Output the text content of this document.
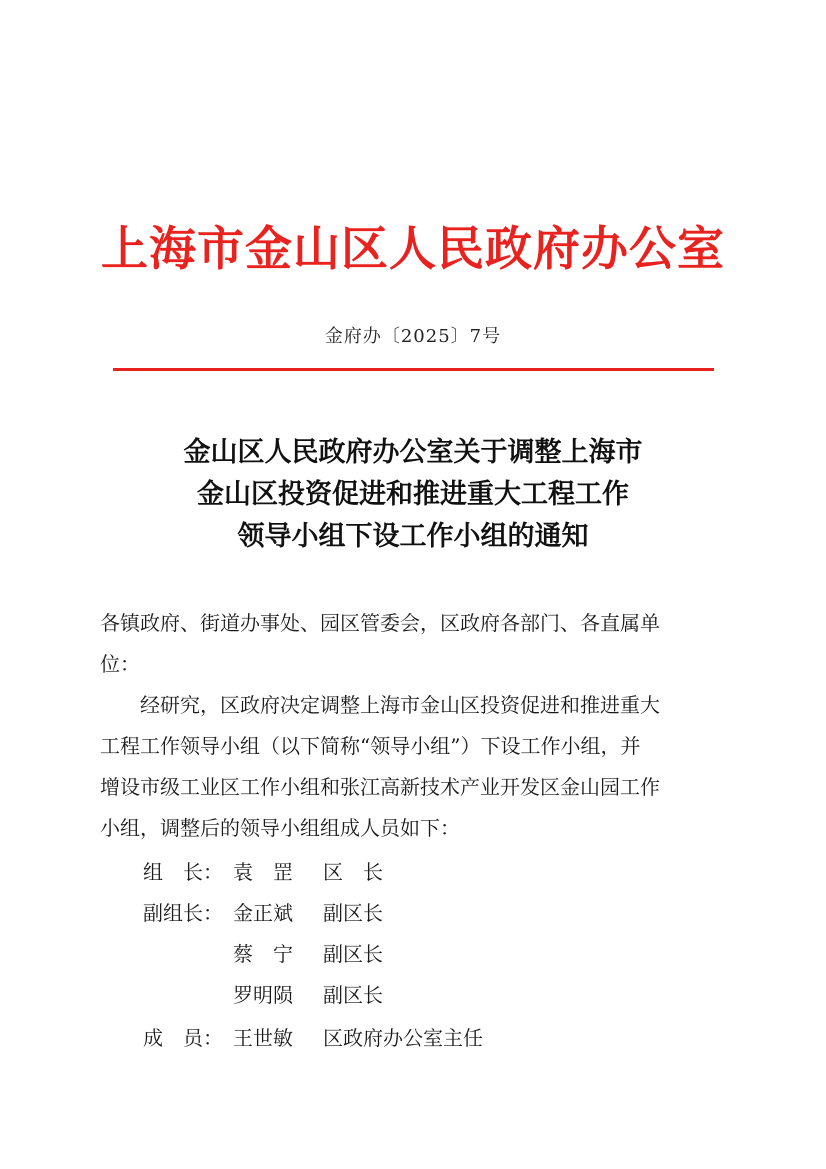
上海市金山区人民政府办公室
金府办〔2025〕7号
金山区人民政府办公室关于调整上海市
金山区投资促进和推进重大工程工作
领导小组下设工作小组的通知

各镇政府、街道办事处、园区管委会，区政府各部门、各直属单

位：

经研究，区政府决定调整上海市金山区投资促进和推进重大

工程工作领导小组（以下简称“领导小组”）下设工作小组，并

增设市级工业区工作小组和张江高新技术产业开发区金山园工作

小组，调整后的领导小组组成人员如下：

组　长： 袁　罡 区　长
副组长： 金正斌 副区长
蔡　宁 副区长
罗明陨 副区长
成　员： 王世敏 区政府办公室主任
